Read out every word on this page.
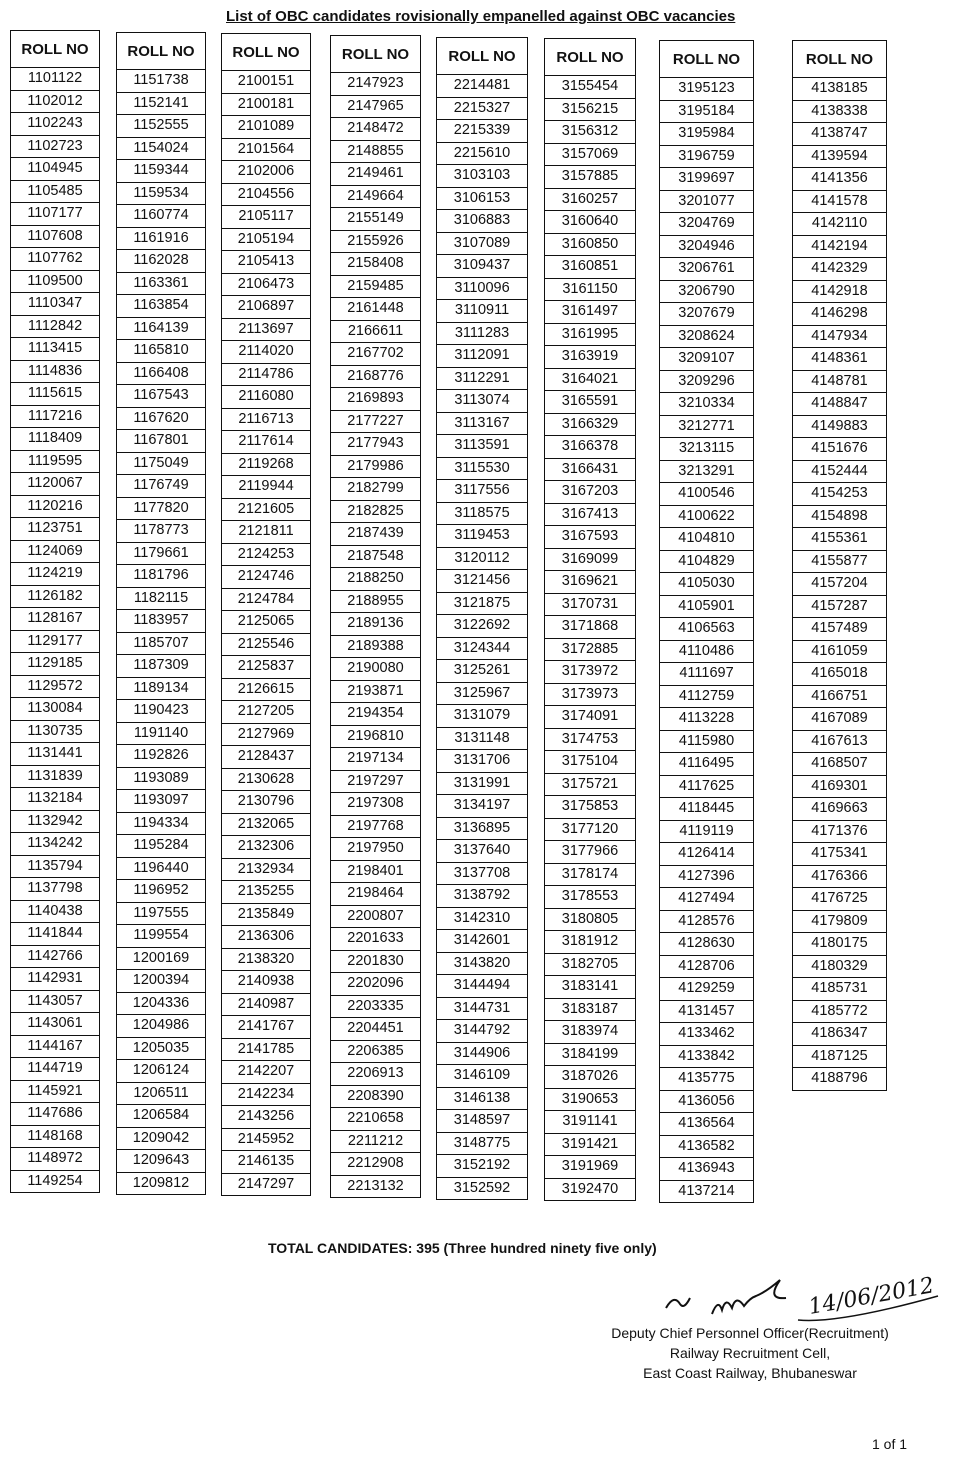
List of OBC candidates rovisionally empanelled against OBC vacancies
ROLL NO
1101122
1102012
1102243
1102723
1104945
1105485
1107177
1107608
1107762
1109500
1110347
1112842
1113415
1114836
1115615
1117216
1118409
1119595
1120067
1120216
1123751
1124069
1124219
1126182
1128167
1129177
1129185
1129572
1130084
1130735
1131441
1131839
1132184
1132942
1134242
1135794
1137798
1140438
1141844
1142766
1142931
1143057
1143061
1144167
1144719
1145921
1147686
1148168
1148972
1149254
ROLL NO
1151738
1152141
1152555
1154024
1159344
1159534
1160774
1161916
1162028
1163361
1163854
1164139
1165810
1166408
1167543
1167620
1167801
1175049
1176749
1177820
1178773
1179661
1181796
1182115
1183957
1185707
1187309
1189134
1190423
1191140
1192826
1193089
1193097
1194334
1195284
1196440
1196952
1197555
1199554
1200169
1200394
1204336
1204986
1205035
1206124
1206511
1206584
1209042
1209643
1209812
ROLL NO
2100151
2100181
2101089
2101564
2102006
2104556
2105117
2105194
2105413
2106473
2106897
2113697
2114020
2114786
2116080
2116713
2117614
2119268
2119944
2121605
2121811
2124253
2124746
2124784
2125065
2125546
2125837
2126615
2127205
2127969
2128437
2130628
2130796
2132065
2132306
2132934
2135255
2135849
2136306
2138320
2140938
2140987
2141767
2141785
2142207
2142234
2143256
2145952
2146135
2147297
ROLL NO
2147923
2147965
2148472
2148855
2149461
2149664
2155149
2155926
2158408
2159485
2161448
2166611
2167702
2168776
2169893
2177227
2177943
2179986
2182799
2182825
2187439
2187548
2188250
2188955
2189136
2189388
2190080
2193871
2194354
2196810
2197134
2197297
2197308
2197768
2197950
2198401
2198464
2200807
2201633
2201830
2202096
2203335
2204451
2206385
2206913
2208390
2210658
2211212
2212908
2213132
ROLL NO
2214481
2215327
2215339
2215610
3103103
3106153
3106883
3107089
3109437
3110096
3110911
3111283
3112091
3112291
3113074
3113167
3113591
3115530
3117556
3118575
3119453
3120112
3121456
3121875
3122692
3124344
3125261
3125967
3131079
3131148
3131706
3131991
3134197
3136895
3137640
3137708
3138792
3142310
3142601
3143820
3144494
3144731
3144792
3144906
3146109
3146138
3148597
3148775
3152192
3152592
ROLL NO
3155454
3156215
3156312
3157069
3157885
3160257
3160640
3160850
3160851
3161150
3161497
3161995
3163919
3164021
3165591
3166329
3166378
3166431
3167203
3167413
3167593
3169099
3169621
3170731
3171868
3172885
3173972
3173973
3174091
3174753
3175104
3175721
3175853
3177120
3177966
3178174
3178553
3180805
3181912
3182705
3183141
3183187
3183974
3184199
3187026
3190653
3191141
3191421
3191969
3192470
ROLL NO
3195123
3195184
3195984
3196759
3199697
3201077
3204769
3204946
3206761
3206790
3207679
3208624
3209107
3209296
3210334
3212771
3213115
3213291
4100546
4100622
4104810
4104829
4105030
4105901
4106563
4110486
4111697
4112759
4113228
4115980
4116495
4117625
4118445
4119119
4126414
4127396
4127494
4128576
4128630
4128706
4129259
4131457
4133462
4133842
4135775
4136056
4136564
4136582
4136943
4137214
ROLL NO
4138185
4138338
4138747
4139594
4141356
4141578
4142110
4142194
4142329
4142918
4146298
4147934
4148361
4148781
4148847
4149883
4151676
4152444
4154253
4154898
4155361
4155877
4157204
4157287
4157489
4161059
4165018
4166751
4167089
4167613
4168507
4169301
4169663
4171376
4175341
4176366
4176725
4179809
4180175
4180329
4185731
4185772
4186347
4187125
4188796
TOTAL CANDIDATES: 395 (Three hundred ninety five only)
14/06/2012
Deputy Chief Personnel Officer(Recruitment)
Railway Recruitment Cell,
East Coast Railway, Bhubaneswar
1 of 1
